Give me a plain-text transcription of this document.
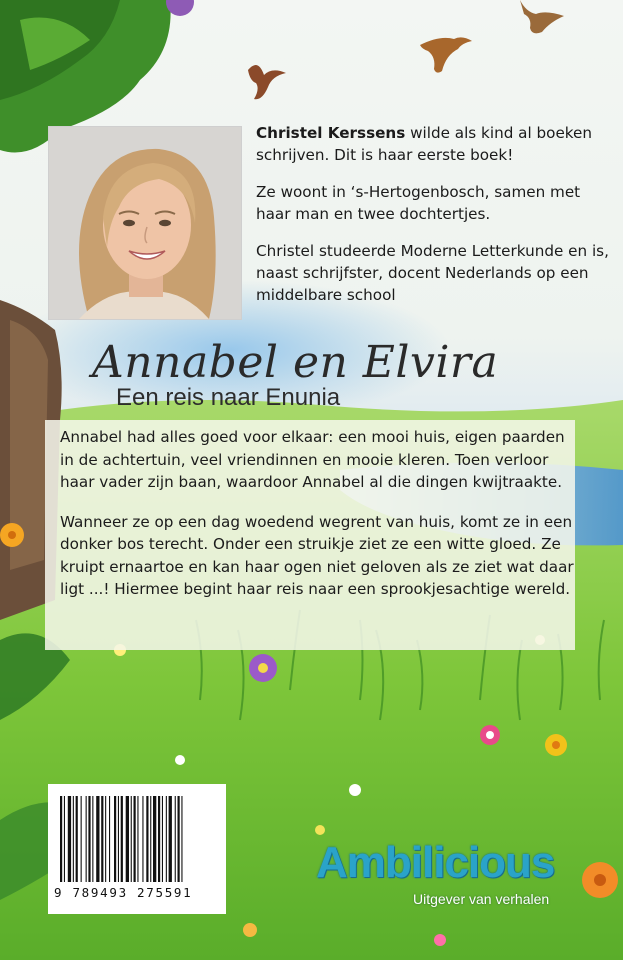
Christel Kerssens wilde als kind al boeken schrijven. Dit is haar eerste boek!

Ze woont in ‘s-Hertogenbosch, samen met haar man en twee dochtertjes.

Christel studeerde Moderne Letterkunde en is, naast schrijfster, docent Nederlands op een middelbare school

Annabel en Elvira
Een reis naar Enunia

Annabel had alles goed voor elkaar: een mooi huis, eigen paarden in de achtertuin, veel vriendinnen en mooie kleren. Toen verloor haar vader zijn baan, waardoor Annabel al die dingen kwijtraakte.

Wanneer ze op een dag woedend wegrent van huis, komt ze in een donker bos terecht. Onder een struikje ziet ze een witte gloed. Ze kruipt ernaartoe en kan haar ogen niet geloven als ze ziet wat daar ligt ...! Hiermee begint haar reis naar een sprookjesachtige wereld.

9 789493 275591
Ambilicious
Uitgever van verhalen
